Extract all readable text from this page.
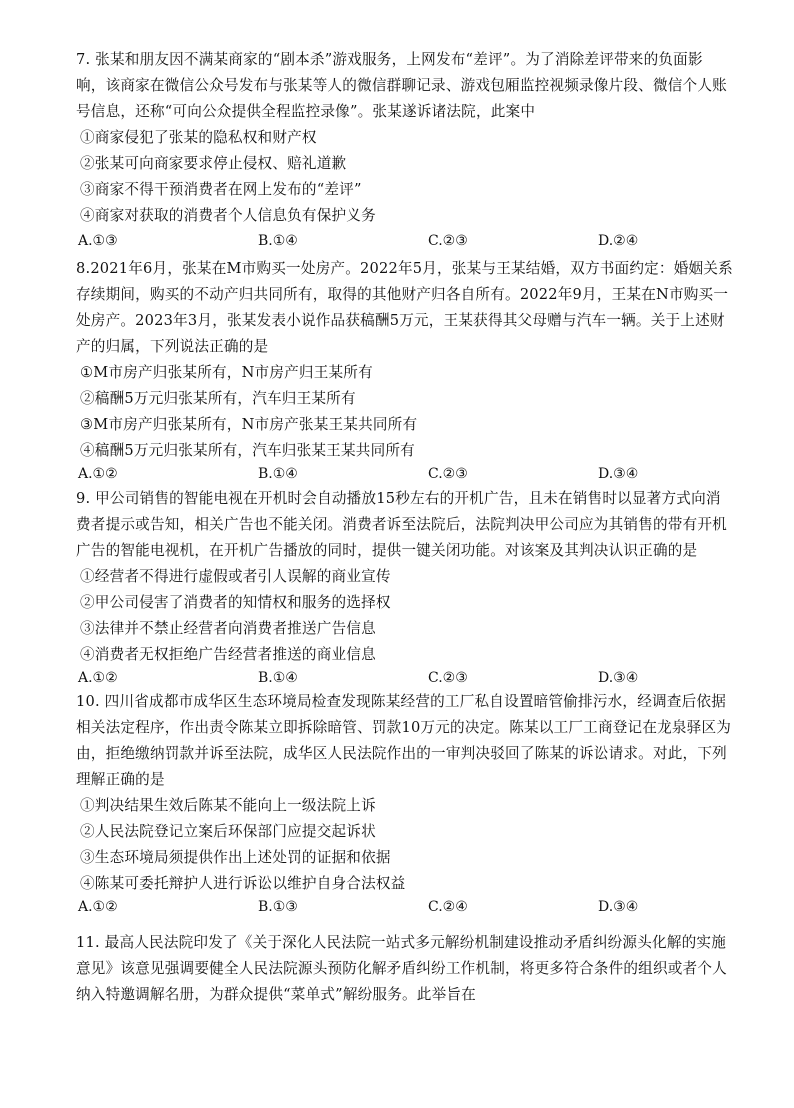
7. 张某和朋友因不满某商家的“剧本杀”游戏服务，上网发布“差评”。为了消除差评带来的负面影
响，该商家在微信公众号发布与张某等人的微信群聊记录、游戏包厢监控视频录像片段、微信个人账
号信息，还称“可向公众提供全程监控录像”。张某遂诉诸法院，此案中
①商家侵犯了张某的隐私权和财产权
②张某可向商家要求停止侵权、赔礼道歉
③商家不得干预消费者在网上发布的“差评”
④商家对获取的消费者个人信息负有保护义务
A.①③	B.①④	C.②③	D.②④
8.2021年6月，张某在M市购买一处房产。2022年5月，张某与王某结婚，双方书面约定：婚姻关系
存续期间，购买的不动产归共同所有，取得的其他财产归各自所有。2022年9月，王某在N市购买一
处房产。2023年3月，张某发表小说作品获稿酬5万元，王某获得其父母赠与汽车一辆。关于上述财
产的归属，下列说法正确的是
①M市房产归张某所有，N市房产归王某所有
②稿酬5万元归张某所有，汽车归王某所有
③M市房产归张某所有，N市房产张某王某共同所有
④稿酬5万元归张某所有，汽车归张某王某共同所有
A.①②	B.①④	C.②③	D.③④
9. 甲公司销售的智能电视在开机时会自动播放15秒左右的开机广告，且未在销售时以显著方式向消
费者提示或告知，相关广告也不能关闭。消费者诉至法院后，法院判决甲公司应为其销售的带有开机
广告的智能电视机，在开机广告播放的同时，提供一键关闭功能。对该案及其判决认识正确的是
①经营者不得进行虚假或者引人误解的商业宣传
②甲公司侵害了消费者的知情权和服务的选择权
③法律并不禁止经营者向消费者推送广告信息
④消费者无权拒绝广告经营者推送的商业信息
A.①②	B.①④	C.②③	D.③④
10. 四川省成都市成华区生态环境局检查发现陈某经营的工厂私自设置暗管偷排污水，经调查后依据
相关法定程序，作出责令陈某立即拆除暗管、罚款10万元的决定。陈某以工厂工商登记在龙泉驿区为
由，拒绝缴纳罚款并诉至法院，成华区人民法院作出的一审判决驳回了陈某的诉讼请求。对此，下列
理解正确的是
①判决结果生效后陈某不能向上一级法院上诉
②人民法院登记立案后环保部门应提交起诉状
③生态环境局须提供作出上述处罚的证据和依据
④陈某可委托辩护人进行诉讼以维护自身合法权益
A.①②	B.①③	C.②④	D.③④
11. 最高人民法院印发了《关于深化人民法院一站式多元解纷机制建设推动矛盾纠纷源头化解的实施
意见》该意见强调要健全人民法院源头预防化解矛盾纠纷工作机制，将更多符合条件的组织或者个人
纳入特邀调解名册，为群众提供“菜单式”解纷服务。此举旨在
